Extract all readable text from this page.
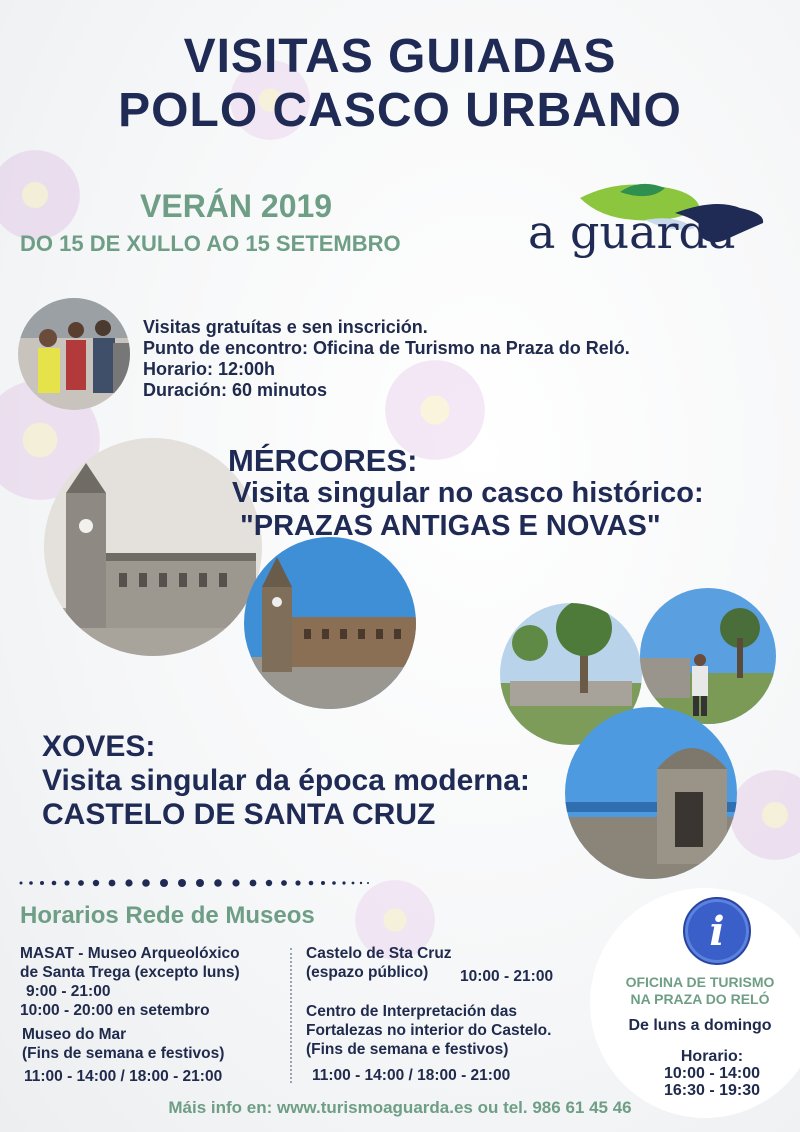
VISITAS GUIADAS
POLO CASCO URBANO
VERÁN 2019
DO 15 DE XULLO AO 15 SETEMBRO	a guarda
Visitas gratuítas e sen inscrición.
Punto de encontro: Oficina de Turismo na Praza do Reló.
Horario: 12:00h
Duración: 60 minutos
MÉRCORES:
Visita singular no casco histórico:
"PRAZAS ANTIGAS E NOVAS"
XOVES:
Visita singular da época moderna:
CASTELO DE SANTA CRUZ
Horarios Rede de Museos
MASAT - Museo Arqueolóxico
de Santa Trega (excepto luns)
9:00 - 21:00
10:00 - 20:00 en setembro
Museo do Mar
(Fins de semana e festivos)
11:00 - 14:00 / 18:00 - 21:00
Castelo de Sta Cruz
(espazo público)	10:00 - 21:00
Centro de Interpretación das
Fortalezas no interior do Castelo.
(Fins de semana e festivos)
11:00 - 14:00 / 18:00 - 21:00
i
OFICINA DE TURISMO
NA PRAZA DO RELÓ
De luns a domingo
Horario:
10:00 - 14:00
16:30 - 19:30
Máis info en: www.turismoaguarda.es ou tel. 986 61 45 46
